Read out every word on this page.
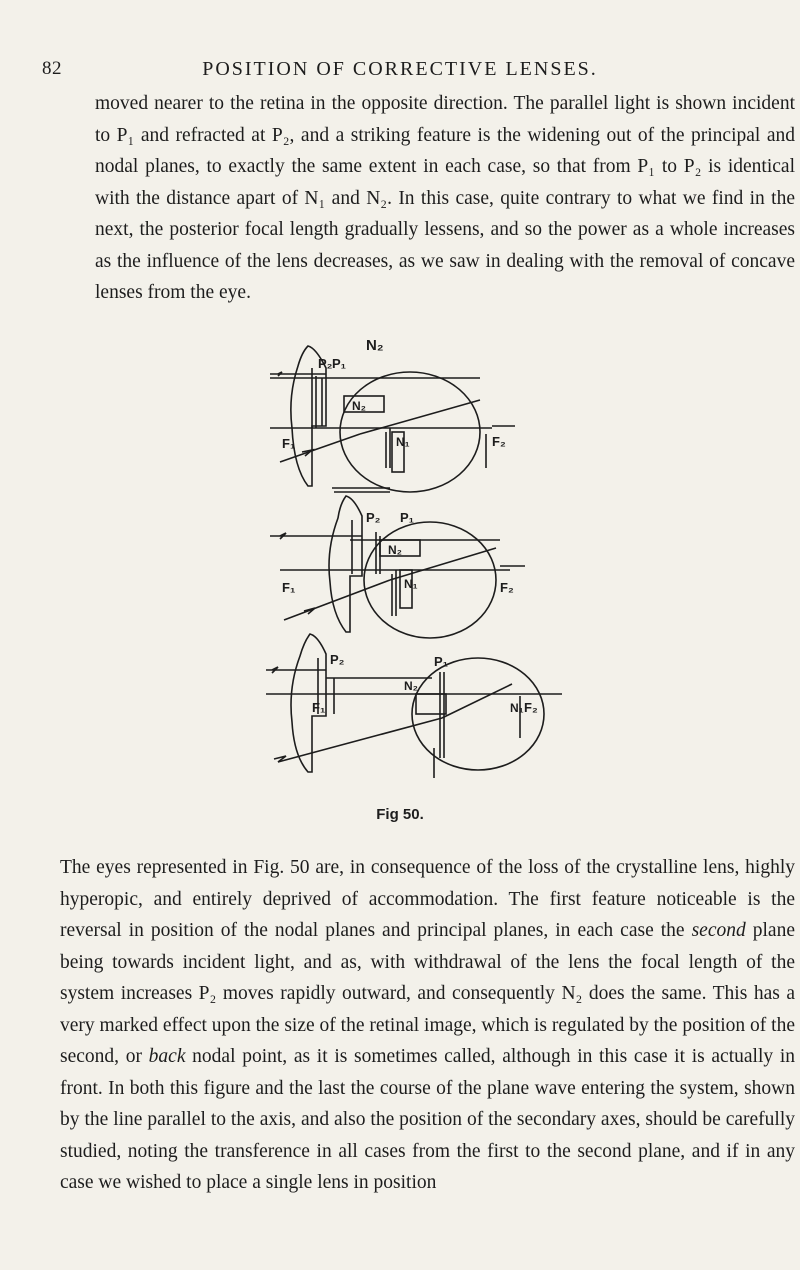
82	POSITION OF CORRECTIVE LENSES.
moved nearer to the retina in the opposite direction. The parallel light is shown incident to P₁ and refracted at P₂, and a striking feature is the widening out of the principal and nodal planes, to exactly the same extent in each case, so that from P₁ to P₂ is identical with the distance apart of N₁ and N₂. In this case, quite contrary to what we find in the next, the posterior focal length gradually lessens, and so the power as a whole increases as the influence of the lens decreases, as we saw in dealing with the removal of concave lenses from the eye.
N₂
P₂ P₁
N₂
F₁	N₁	F₂
P₂ P₁
N₂
F₁	N₁	F₂
P₂	P₁
N₂
F₁	N₁ F₂
Fig 50.
The eyes represented in Fig. 50 are, in consequence of the loss of the crystalline lens, highly hyperopic, and entirely deprived of accommodation. The first feature noticeable is the reversal in position of the nodal planes and principal planes, in each case the second plane being towards incident light, and as, with withdrawal of the lens the focal length of the system increases P₂ moves rapidly outward, and consequently N₂ does the same. This has a very marked effect upon the size of the retinal image, which is regulated by the position of the second, or back nodal point, as it is sometimes called, although in this case it is actually in front. In both this figure and the last the course of the plane wave entering the system, shown by the line parallel to the axis, and also the position of the secondary axes, should be carefully studied, noting the transference in all cases from the first to the second plane, and if in any case we wished to place a single lens in position
